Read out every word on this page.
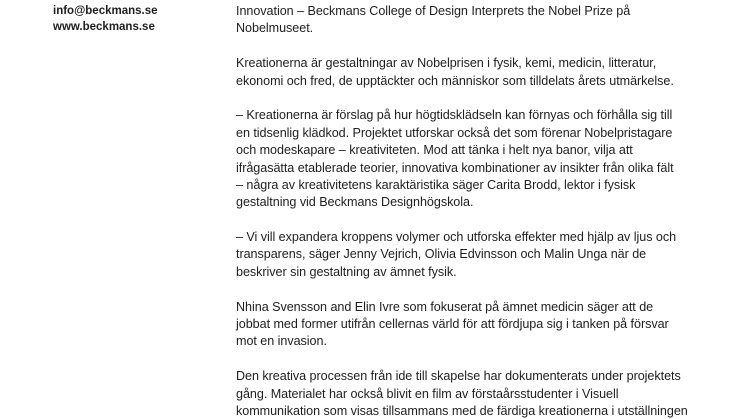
info@beckmans.se
www.beckmans.se
Innovation – Beckmans College of Design Interprets the Nobel Prize på
Nobelmuseet.
Kreationerna är gestaltningar av Nobelprisen i fysik, kemi, medicin, litteratur,
ekonomi och fred, de upptäckter och människor som tilldelats årets utmärkelse.
– Kreationerna är förslag på hur högtidsklädseln kan förnyas och förhålla sig till
en tidsenlig klädkod. Projektet utforskar också det som förenar Nobelpristagare
och modeskapare – kreativiteten. Mod att tänka i helt nya banor, vilja att
ifrågasätta etablerade teorier, innovativa kombinationer av insikter från olika fält
– några av kreativitetens karaktäristika säger Carita Brodd, lektor i fysisk
gestaltning vid Beckmans Designhögskola.
– Vi vill expandera kroppens volymer och utforska effekter med hjälp av ljus och
transparens, säger Jenny Vejrich, Olivia Edvinsson och Malin Unga när de
beskriver sin gestaltning av ämnet fysik.
Nhina Svensson and Elin Ivre som fokuserat på ämnet medicin säger att de
jobbat med former utifrån cellernas värld för att fördjupa sig i tanken på försvar
mot en invasion.
Den kreativa processen från ide till skapelse har dokumenterats under projektets
gång. Materialet har också blivit en film av förstaårsstudenter i Visuell
kommunikation som visas tillsammans med de färdiga kreationerna i utställningen
